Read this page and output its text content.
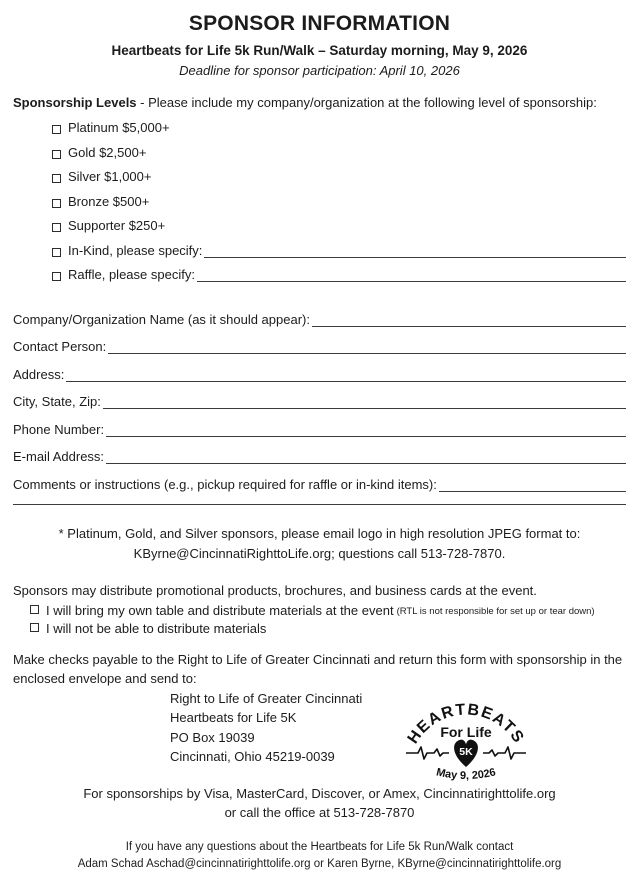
SPONSOR INFORMATION
Heartbeats for Life 5k Run/Walk – Saturday morning, May 9, 2026
Deadline for sponsor participation: April 10, 2026
Sponsorship Levels - Please include my company/organization at the following level of sponsorship:
Platinum $5,000+
Gold $2,500+
Silver $1,000+
Bronze $500+
Supporter $250+
In-Kind, please specify:
Raffle, please specify:
Company/Organization Name (as it should appear):
Contact Person:
Address:
City, State, Zip:
Phone Number:
E-mail Address:
Comments or instructions (e.g., pickup required for raffle or in-kind items):
* Platinum, Gold, and Silver sponsors, please email logo in high resolution JPEG format to:
KByrne@CincinnatiRighttoLife.org; questions call 513-728-7870.
Sponsors may distribute promotional products, brochures, and business cards at the event.
I will bring my own table and distribute materials at the event (RTL is not responsible for set up or tear down)
I will not be able to distribute materials
Make checks payable to the Right to Life of Greater Cincinnati and return this form with sponsorship in the enclosed envelope and send to:
Right to Life of Greater Cincinnati
Heartbeats for Life 5K
PO Box 19039
Cincinnati, Ohio 45219-0039
HEARTBEATS
For Life
5K
May 9, 2026
For sponsorships by Visa, MasterCard, Discover, or Amex, Cincinnatirighttolife.org
or call the office at 513-728-7870
If you have any questions about the Heartbeats for Life 5k Run/Walk contact
Adam Schad Aschad@cincinnatirighttolife.org or Karen Byrne, KByrne@cincinnatirighttolife.org
